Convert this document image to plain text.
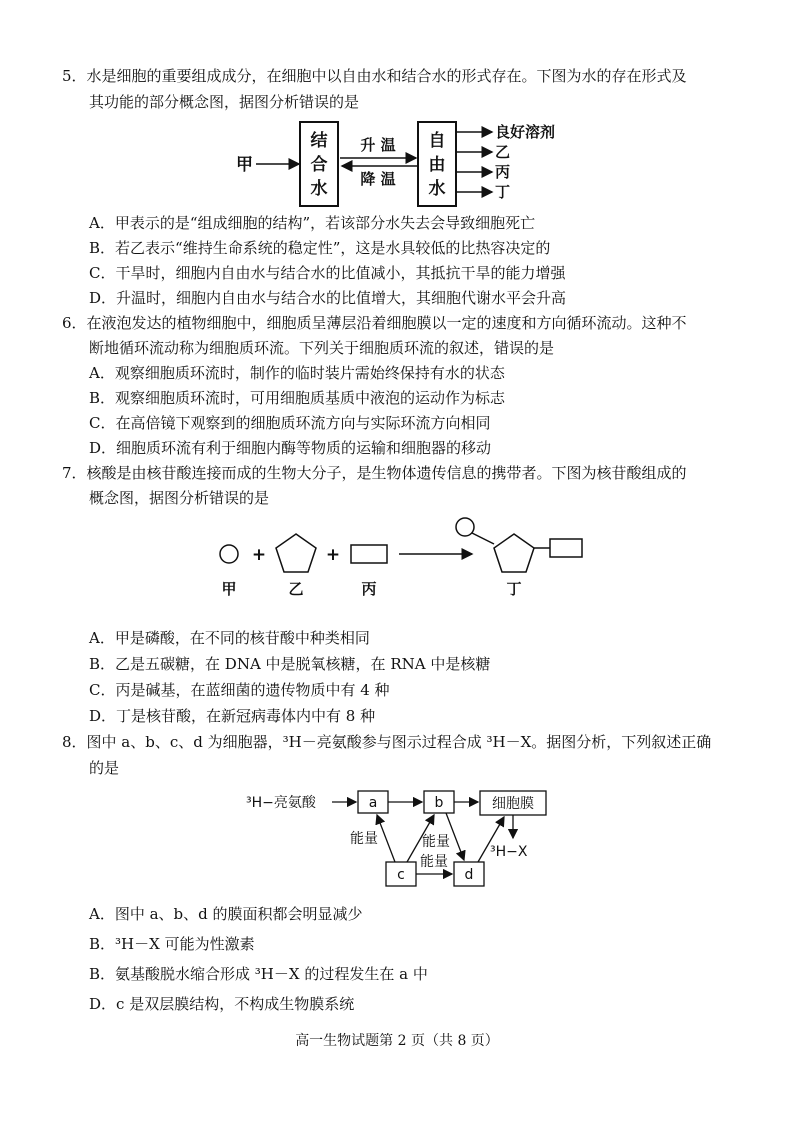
5．水是细胞的重要组成成分，在细胞中以自由水和结合水的形式存在。下图为水的存在形式及
其功能的部分概念图，据图分析错误的是
甲
结
合
水
升 温
降 温
自
由
水
良好溶剂
乙
丙
丁
A．甲表示的是“组成细胞的结构”，若该部分水失去会导致细胞死亡
B．若乙表示“维持生命系统的稳定性”，这是水具较低的比热容决定的
C．干旱时，细胞内自由水与结合水的比值减小，其抵抗干旱的能力增强
D．升温时，细胞内自由水与结合水的比值增大，其细胞代谢水平会升高
6．在液泡发达的植物细胞中，细胞质呈薄层沿着细胞膜以一定的速度和方向循环流动。这种不
断地循环流动称为细胞质环流。下列关于细胞质环流的叙述，错误的是
A．观察细胞质环流时，制作的临时装片需始终保持有水的状态
B．观察细胞质环流时，可用细胞质基质中液泡的运动作为标志
C．在高倍镜下观察到的细胞质环流方向与实际环流方向相同
D．细胞质环流有利于细胞内酶等物质的运输和细胞器的移动
7．核酸是由核苷酸连接而成的生物大分子，是生物体遗传信息的携带者。下图为核苷酸组成的
概念图，据图分析错误的是
+	+
甲	乙	丙	丁
A．甲是磷酸，在不同的核苷酸中种类相同
B．乙是五碳糖，在 DNA 中是脱氧核糖，在 RNA 中是核糖
C．丙是碱基，在蓝细菌的遗传物质中有 4 种
D．丁是核苷酸，在新冠病毒体内中有 8 种
8．图中 a、b、c、d 为细胞器，³H－亮氨酸参与图示过程合成 ³H－X。据图分析，下列叙述正确
的是
³H−亮氨酸	a	b	细胞膜
³H−X
c	d
能量	能量
能量
A．图中 a、b、d 的膜面积都会明显减少
B．³H－X 可能为性激素
B．氨基酸脱水缩合形成 ³H－X 的过程发生在 a 中
D．c 是双层膜结构，不构成生物膜系统
高一生物试题第 2 页（共 8 页）
